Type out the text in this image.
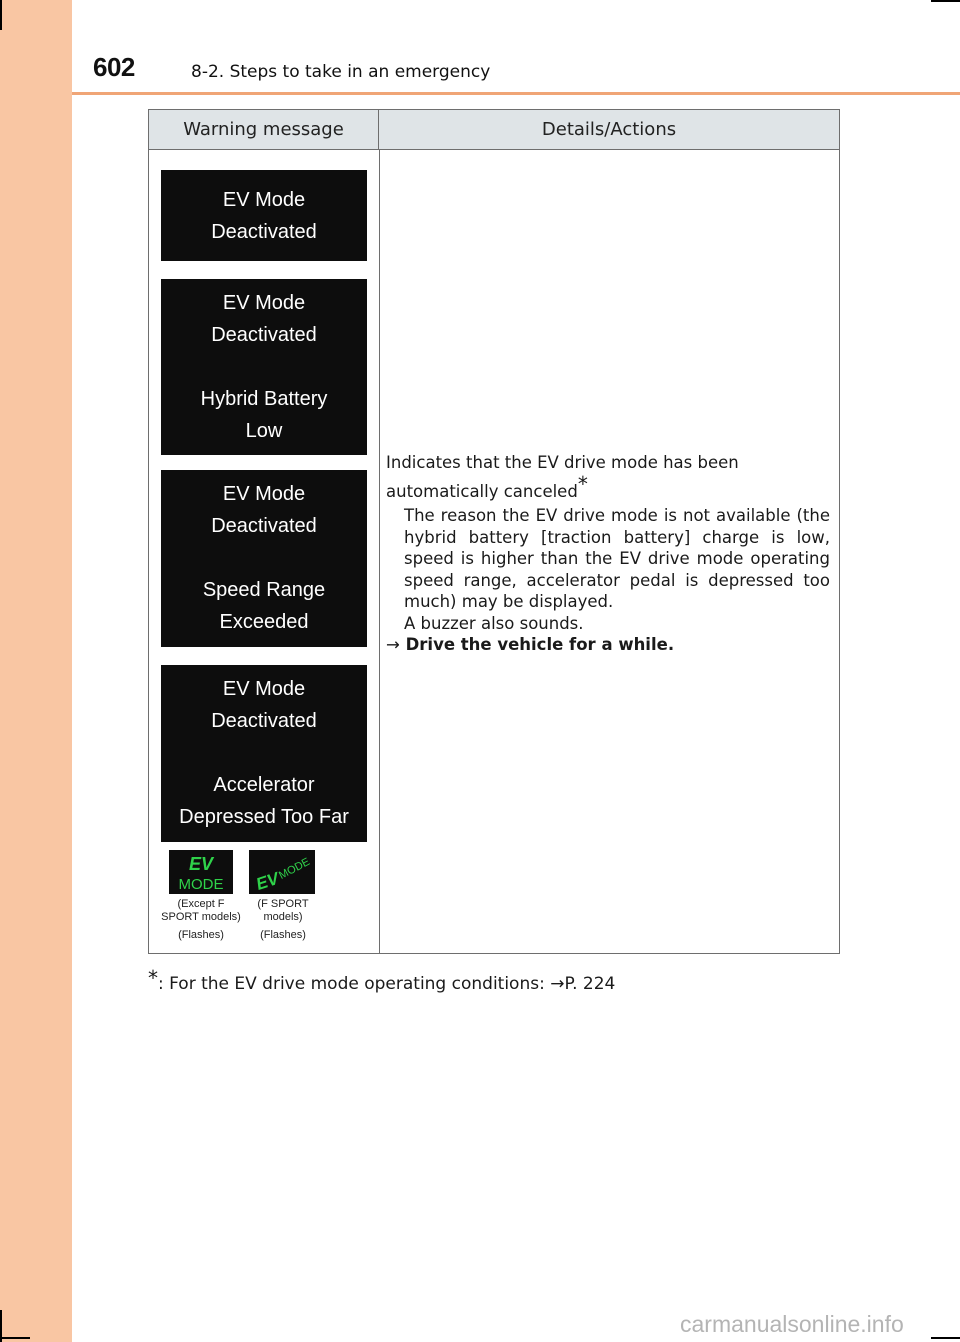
602	8-2. Steps to take in an emergency
Warning message	Details/Actions
EV Mode
Deactivated
EV Mode
Deactivated
Hybrid Battery
Low
EV Mode
Deactivated
Speed Range
Exceeded
EV Mode
Deactivated
Accelerator
Depressed Too Far
EV
MODE EV
MODE
(Except F
SPORT models)
(Flashes)
(F SPORT
models)
(Flashes)

Indicates that the EV drive mode has been automatically canceled*

The reason the EV drive mode is not available (the hybrid battery [traction battery] charge is low, speed is higher than the EV drive mode operating speed range, accelerator pedal is depressed too much) may be displayed.
A buzzer also sounds.
→ Drive the vehicle for a while.
*: For the EV drive mode operating conditions: →P. 224
carmanualsonline.info
